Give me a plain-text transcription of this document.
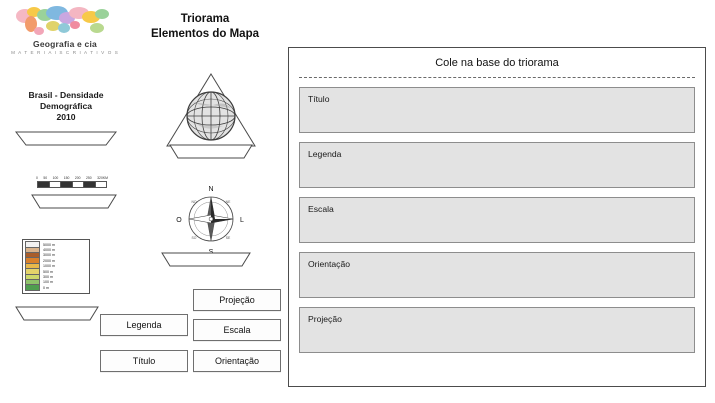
Geografia e cia
M A T E R I A I S C R I A T I V O S
Triorama
Elementos do Mapa
Brasil - Densidade
Demográfica
2010
0 50 100 150 200 250 320KM
5000 m
4000 m
3000 m
2000 m
1000 m
500 m
300 m
100 m
0 m
N
L
O
NO	NE
SO	SE
Projeção
Escala
Orientação
Legenda
Título
Cole na base do triorama
Título
Legenda
Escala
Orientação
Projeção
